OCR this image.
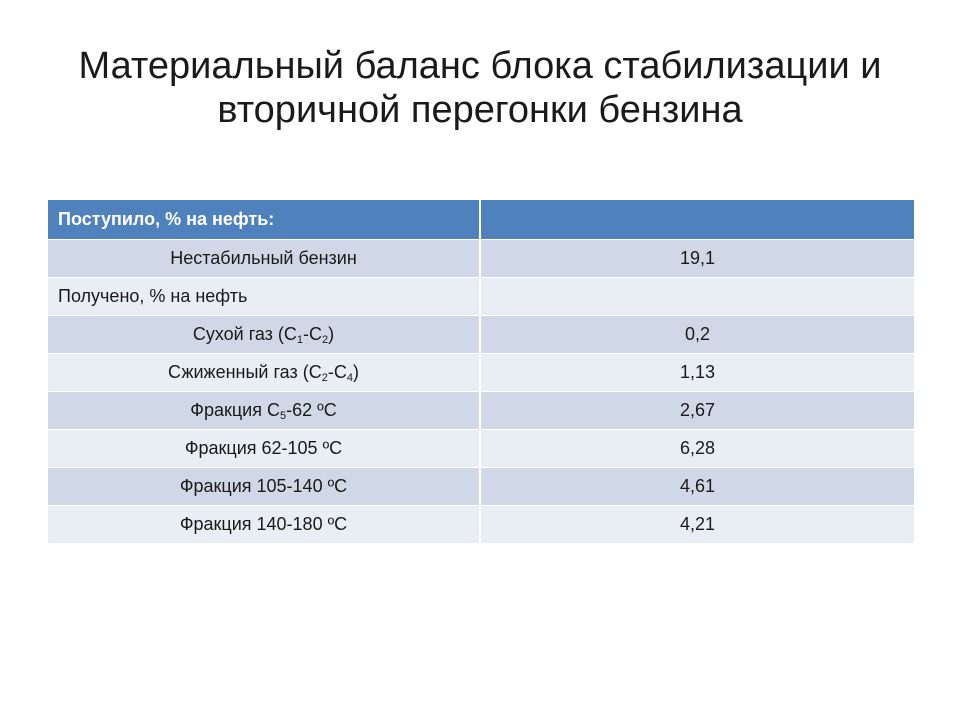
Материальный баланс блока стабилизации и
вторичной перегонки бензина
Поступило, % на нефть:	
Нестабильный бензин	19,1
Получено, % на нефть	
Сухой газ $(С_1-С_2)$	0,2
Сжиженный газ $(С_2-С_4)$	1,13
Фракция $С_5-62$ ºС	2,67
Фракция 62-105 ºС	6,28
Фракция 105-140 ºС	4,61
Фракция 140-180 ºС	4,21
